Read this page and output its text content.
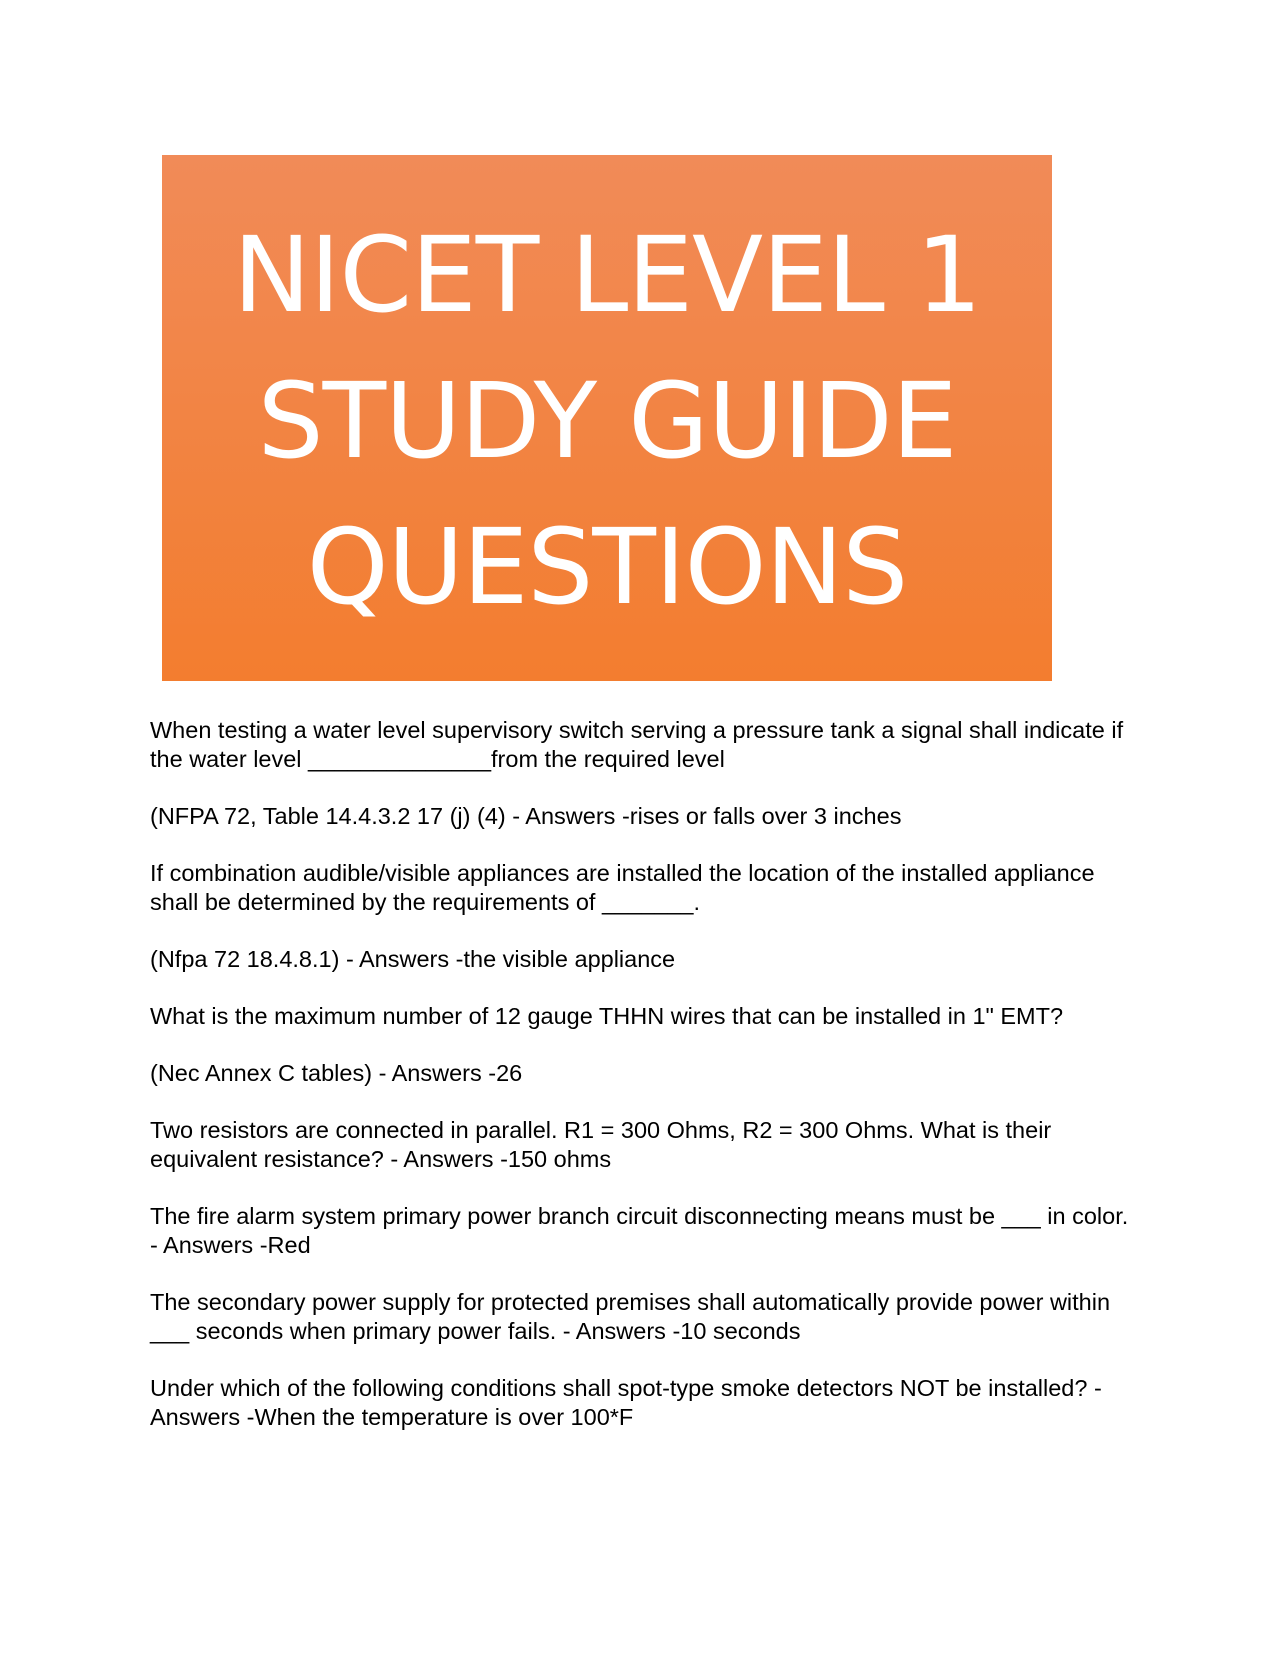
NICET LEVEL 1
STUDY GUIDE
QUESTIONS

When testing a water level supervisory switch serving a pressure tank a signal shall indicate if the water level ______________from the required level

(NFPA 72, Table 14.4.3.2 17 (j) (4) - Answers -rises or falls over 3 inches

If combination audible/visible appliances are installed the location of the installed appliance shall be determined by the requirements of _______.

(Nfpa 72 18.4.8.1) - Answers -the visible appliance

What is the maximum number of 12 gauge THHN wires that can be installed in 1" EMT?

(Nec Annex C tables) - Answers -26

Two resistors are connected in parallel. R1 = 300 Ohms, R2 = 300 Ohms. What is their equivalent resistance? - Answers -150 ohms

The fire alarm system primary power branch circuit disconnecting means must be ___ in color. - Answers -Red

The secondary power supply for protected premises shall automatically provide power within ___ seconds when primary power fails. - Answers -10 seconds

Under which of the following conditions shall spot-type smoke detectors NOT be installed? - Answers -When the temperature is over 100*F
